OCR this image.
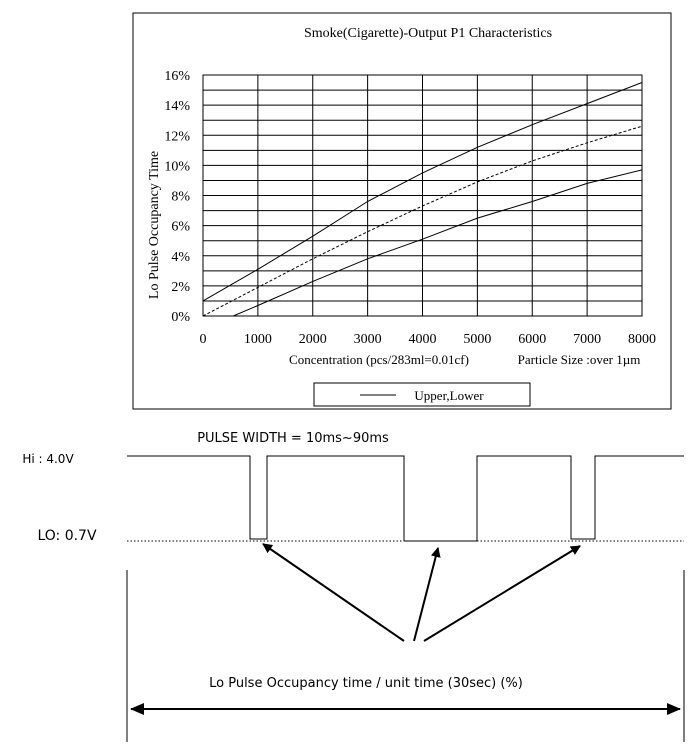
Smoke(Cigarette)-Output P1 Characteristics
0	1000 2000 3000 4000 5000 6000 7000 8000
0%
2%
4%
6%
8%
10%
12%
14%
16%
Lo Pulse Occupancy Time
Concentration (pcs/283ml=0.01cf)	Particle Size :over 1µm
Upper,Lower
PULSE WIDTH = 10ms~90ms
Hi : 4.0V
LO: 0.7V
Lo Pulse Occupancy time / unit time (30sec) (%)
